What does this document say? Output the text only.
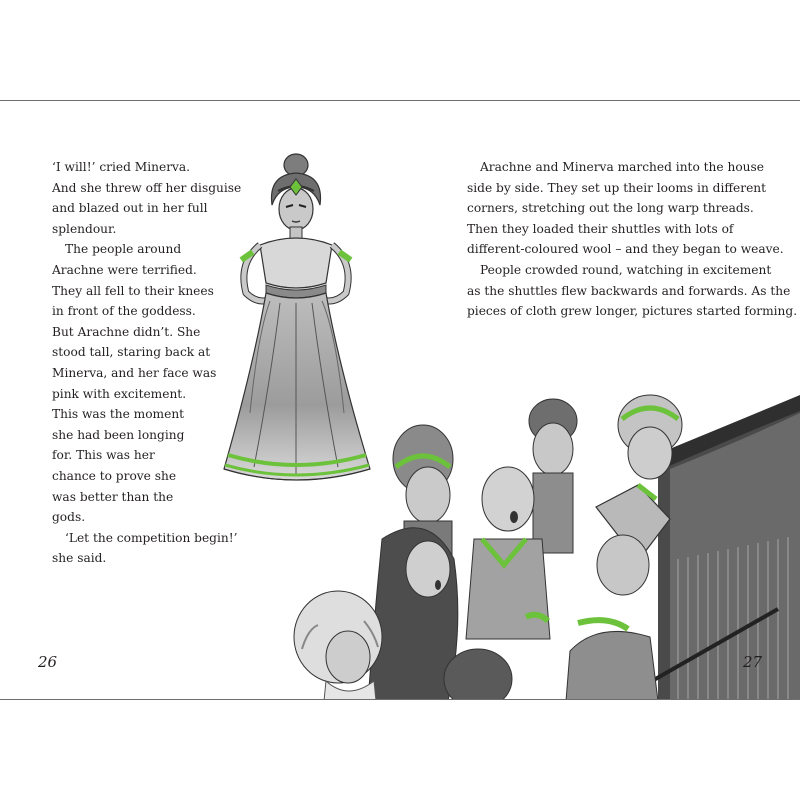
‘I will!’ cried Minerva.
And she threw off her disguise
and blazed out in her full
splendour.
The people around
Arachne were terrified.
They all fell to their knees
in front of the goddess.
But Arachne didn’t. She
stood tall, staring back at
Minerva, and her face was
pink with excitement.
This was the moment
she had been longing
for. This was her
chance to prove she
was better than the
gods.
‘Let the competition begin!’
she said.
Arachne and Minerva marched into the house
side by side. They set up their looms in different
corners, stretching out the long warp threads.
Then they loaded their shuttles with lots of
different-coloured wool – and they began to weave.
People crowded round, watching in excitement
as the shuttles flew backwards and forwards. As the
pieces of cloth grew longer, pictures started forming.
26	27
